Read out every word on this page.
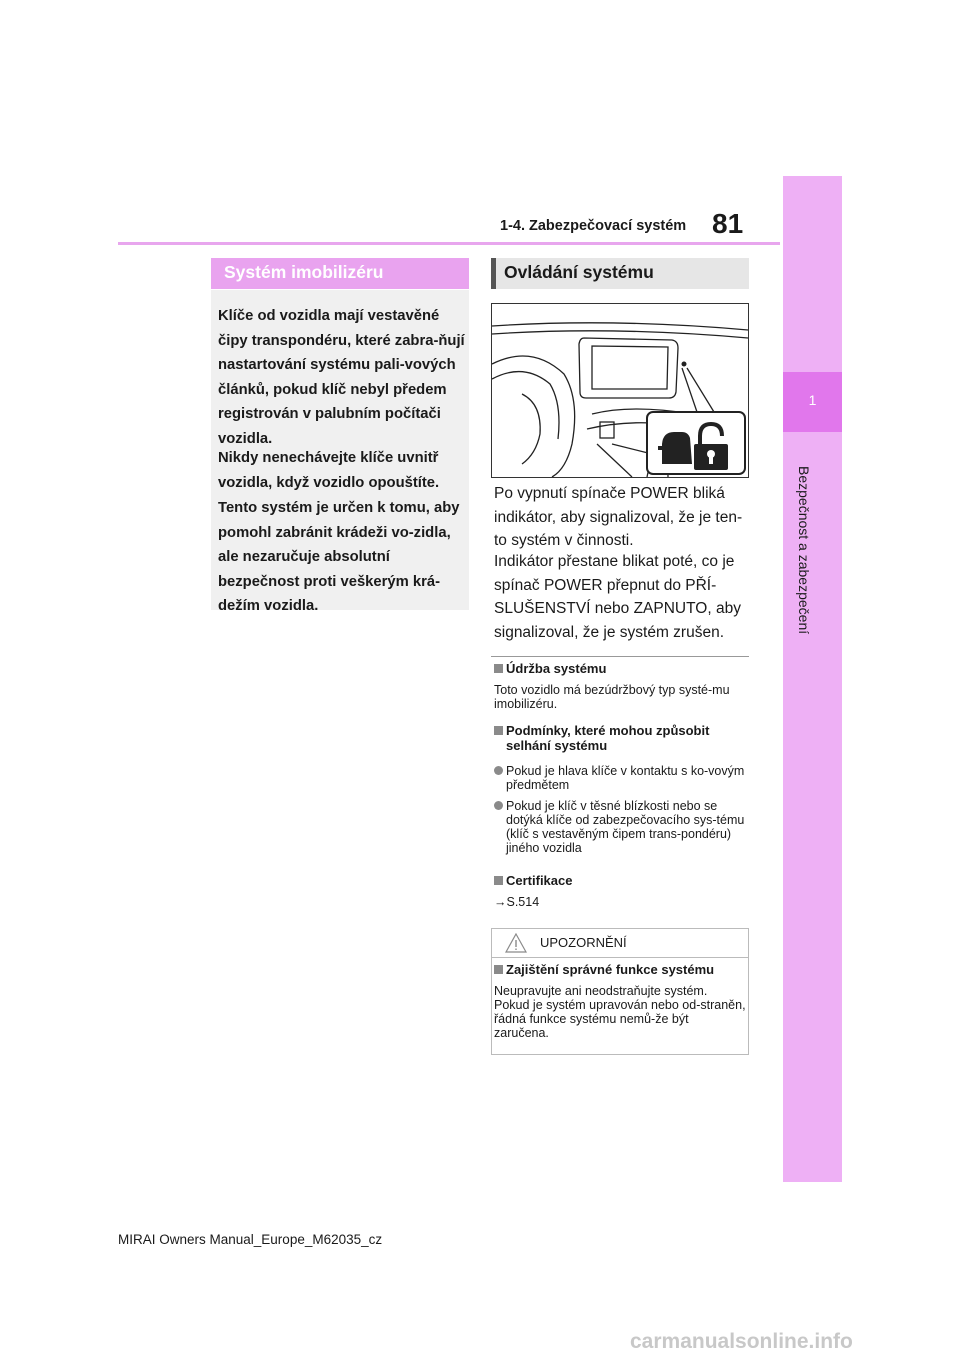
1-4. Zabezpečovací systém 81
1
Bezpečnost a zabezpečení
Systém imobilizéru

Klíče od vozidla mají vestavěné čipy transpondéru, které zabra-ňují nastartování systému pali-vových článků, pokud klíč nebyl předem registrován v palubním počítači vozidla.

Nikdy nenechávejte klíče uvnitř vozidla, když vozidlo opouštíte.

Tento systém je určen k tomu, aby pomohl zabránit krádeži vo-zidla, ale nezaručuje absolutní bezpečnost proti veškerým krá-dežím vozidla.

Ovládání systému

Po vypnutí spínače POWER bliká indikátor, aby signalizoval, že je ten-to systém v činnosti.

Indikátor přestane blikat poté, co je spínač POWER přepnut do PŘÍ-SLUŠENSTVÍ nebo ZAPNUTO, aby signalizoval, že je systém zrušen.

Údržba systému

Toto vozidlo má bezúdržbový typ systé-mu imobilizéru.

Podmínky, které mohou způsobit selhání systému
Pokud je hlava klíče v kontaktu s ko-vovým předmětem
Pokud je klíč v těsné blízkosti nebo se dotýká klíče od zabezpečovacího sys-tému (klíč s vestavěným čipem trans-pondéru) jiného vozidla
Certifikace

→S.514

UPOZORNĚNÍ
Zajištění správné funkce systému

Neupravujte ani neodstraňujte systém. Pokud je systém upravován nebo od-straněn, řádná funkce systému nemů-že být zaručena.

MIRAI Owners Manual_Europe_M62035_cz
carmanualsonline.info
